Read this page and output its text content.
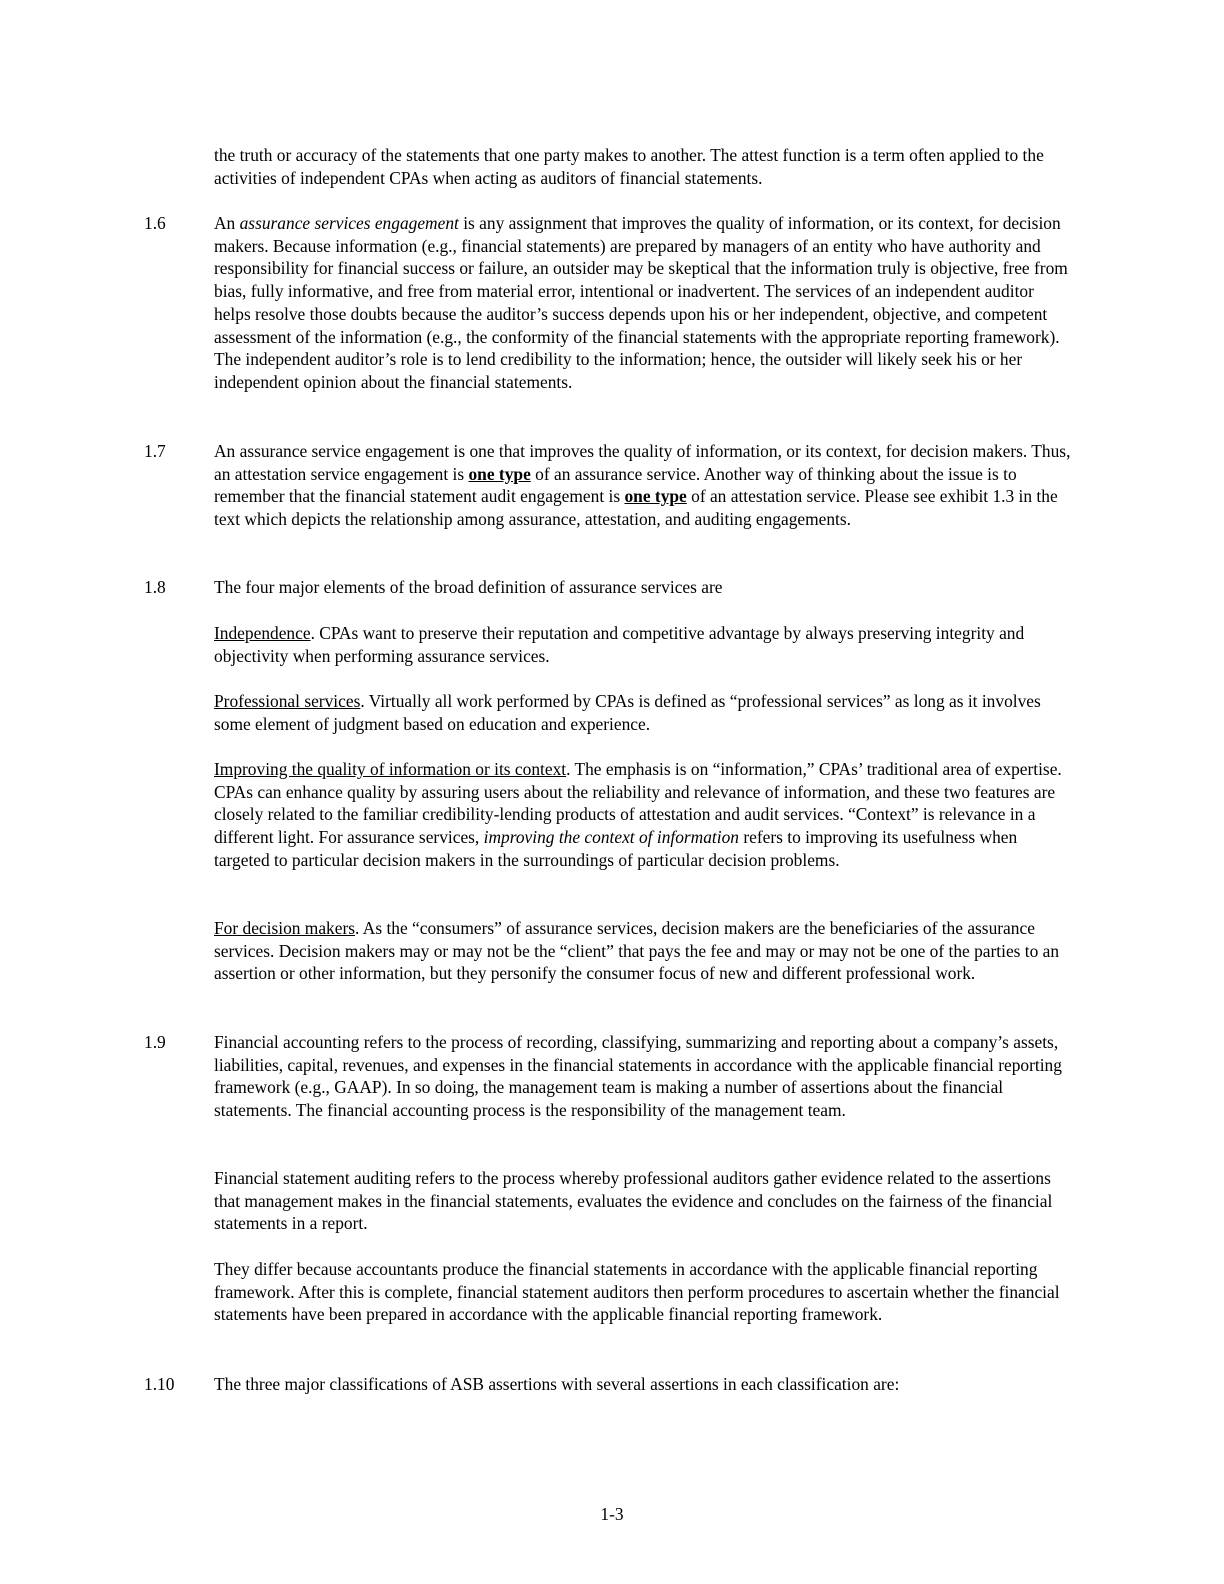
the truth or accuracy of the statements that one party makes to another. The attest function is a term often applied to the activities of independent CPAs when acting as auditors of financial statements.

1.6	An assurance services engagement is any assignment that improves the quality of information, or its context, for decision makers. Because information (e.g., financial statements) are prepared by managers of an entity who have authority and responsibility for financial success or failure, an outsider may be skeptical that the information truly is objective, free from bias, fully informative, and free from material error, intentional or inadvertent. The services of an independent auditor helps resolve those doubts because the auditor’s success depends upon his or her independent, objective, and competent assessment of the information (e.g., the conformity of the financial statements with the appropriate reporting framework). The independent auditor’s role is to lend credibility to the information; hence, the outsider will likely seek his or her independent opinion about the financial statements.

1.7	An assurance service engagement is one that improves the quality of information, or its context, for decision makers. Thus, an attestation service engagement is one type of an assurance service. Another way of thinking about the issue is to remember that the financial statement audit engagement is one type of an attestation service. Please see exhibit 1.3 in the text which depicts the relationship among assurance, attestation, and auditing engagements.

1.8	The four major elements of the broad definition of assurance services are

Independence. CPAs want to preserve their reputation and competitive advantage by always preserving integrity and objectivity when performing assurance services.

Professional services. Virtually all work performed by CPAs is defined as “professional services” as long as it involves some element of judgment based on education and experience.

Improving the quality of information or its context. The emphasis is on “information,” CPAs’ traditional area of expertise. CPAs can enhance quality by assuring users about the reliability and relevance of information, and these two features are closely related to the familiar credibility-lending products of attestation and audit services. “Context” is relevance in a different light. For assurance services, improving the context of information refers to improving its usefulness when targeted to particular decision makers in the surroundings of particular decision problems.

For decision makers. As the “consumers” of assurance services, decision makers are the beneficiaries of the assurance services. Decision makers may or may not be the “client” that pays the fee and may or may not be one of the parties to an assertion or other information, but they personify the consumer focus of new and different professional work.

1.9	Financial accounting refers to the process of recording, classifying, summarizing and reporting about a company’s assets, liabilities, capital, revenues, and expenses in the financial statements in accordance with the applicable financial reporting framework (e.g., GAAP). In so doing, the management team is making a number of assertions about the financial statements. The financial accounting process is the responsibility of the management team.

Financial statement auditing refers to the process whereby professional auditors gather evidence related to the assertions that management makes in the financial statements, evaluates the evidence and concludes on the fairness of the financial statements in a report.

They differ because accountants produce the financial statements in accordance with the applicable financial reporting framework. After this is complete, financial statement auditors then perform procedures to ascertain whether the financial statements have been prepared in accordance with the applicable financial reporting framework.

1.10 The three major classifications of ASB assertions with several assertions in each classification are:

1-3
